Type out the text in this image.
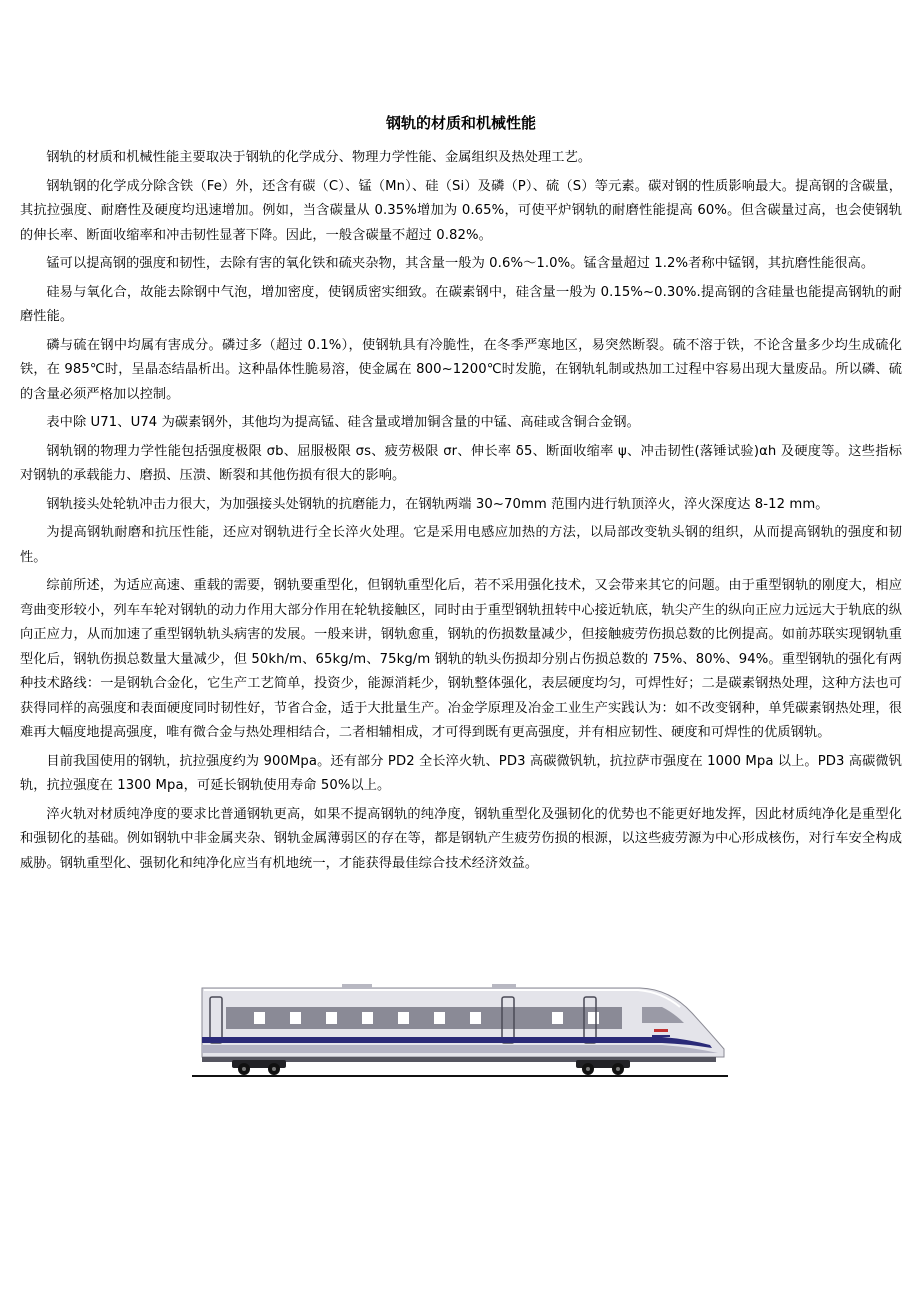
钢轨的材质和机械性能

钢轨的材质和机械性能主要取决于钢轨的化学成分、物理力学性能、金属组织及热处理工艺。

钢轨钢的化学成分除含铁（Fe）外，还含有碳（C）、锰（Mn）、硅（Si）及磷（P）、硫（S）等元素。碳对钢的性质影响最大。提高钢的含碳量，其抗拉强度、耐磨性及硬度均迅速增加。例如，当含碳量从 0.35%增加为 0.65%，可使平炉钢轨的耐磨性能提高 60%。但含碳量过高，也会使钢轨的伸长率、断面收缩率和冲击韧性显著下降。因此，一般含碳量不超过 0.82%。

锰可以提高钢的强度和韧性，去除有害的氧化铁和硫夹杂物，其含量一般为 0.6%～1.0%。锰含量超过 1.2%者称中锰钢，其抗磨性能很高。

硅易与氧化合，故能去除钢中气泡，增加密度，使钢质密实细致。在碳素钢中，硅含量一般为 0.15%~0.30%.提高钢的含硅量也能提高钢轨的耐磨性能。

磷与硫在钢中均属有害成分。磷过多（超过 0.1%），使钢轨具有冷脆性，在冬季严寒地区，易突然断裂。硫不溶于铁，不论含量多少均生成硫化铁，在 985℃时，呈晶态结晶析出。这种晶体性脆易溶，使金属在 800~1200℃时发脆，在钢轨轧制或热加工过程中容易出现大量废品。所以磷、硫的含量必须严格加以控制。

表中除 U71、U74 为碳素钢外，其他均为提高锰、硅含量或增加铜含量的中锰、高硅或含铜合金钢。

钢轨钢的物理力学性能包括强度极限 σb、屈服极限 σs、疲劳极限 σr、伸长率 δ5、断面收缩率 ψ、冲击韧性(落锤试验)αh 及硬度等。这些指标对钢轨的承载能力、磨损、压溃、断裂和其他伤损有很大的影响。

钢轨接头处轮轨冲击力很大，为加强接头处钢轨的抗磨能力，在钢轨两端 30~70mm 范围内进行轨顶淬火，淬火深度达 8-12 mm。

为提高钢轨耐磨和抗压性能，还应对钢轨进行全长淬火处理。它是采用电感应加热的方法，以局部改变轨头钢的组织，从而提高钢轨的强度和韧性。

综前所述，为适应高速、重载的需要，钢轨要重型化，但钢轨重型化后，若不采用强化技术，又会带来其它的问题。由于重型钢轨的刚度大，相应弯曲变形较小，列车车轮对钢轨的动力作用大部分作用在轮轨接触区，同时由于重型钢轨扭转中心接近轨底，轨尖产生的纵向正应力远远大于轨底的纵向正应力，从而加速了重型钢轨轨头病害的发展。一般来讲，钢轨愈重，钢轨的伤损数量减少，但接触疲劳伤损总数的比例提高。如前苏联实现钢轨重型化后，钢轨伤损总数量大量减少，但 50kh/m、65kg/m、75kg/m 钢轨的轨头伤损却分别占伤损总数的 75%、80%、94%。重型钢轨的强化有两种技术路线：一是钢轨合金化，它生产工艺简单，投资少，能源消耗少，钢轨整体强化，表层硬度均匀，可焊性好；二是碳素钢热处理，这种方法也可获得同样的高强度和表面硬度同时韧性好，节省合金，适于大批量生产。冶金学原理及冶金工业生产实践认为：如不改变钢种，单凭碳素钢热处理，很难再大幅度地提高强度，唯有微合金与热处理相结合，二者相辅相成，才可得到既有更高强度，并有相应韧性、硬度和可焊性的优质钢轨。

目前我国使用的钢轨，抗拉强度约为 900Mpa。还有部分 PD2 全长淬火轨、PD3 高碳微钒轨，抗拉萨市强度在 1000 Mpa 以上。PD3 高碳微钒轨，抗拉强度在 1300 Mpa，可延长钢轨使用寿命 50%以上。

淬火轨对材质纯净度的要求比普通钢轨更高，如果不提高钢轨的纯净度，钢轨重型化及强韧化的优势也不能更好地发挥，因此材质纯净化是重型化和强韧化的基础。例如钢轨中非金属夹杂、钢轨金属薄弱区的存在等，都是钢轨产生疲劳伤损的根源，以这些疲劳源为中心形成核伤，对行车安全构成威胁。钢轨重型化、强韧化和纯净化应当有机地统一，才能获得最佳综合技术经济效益。
